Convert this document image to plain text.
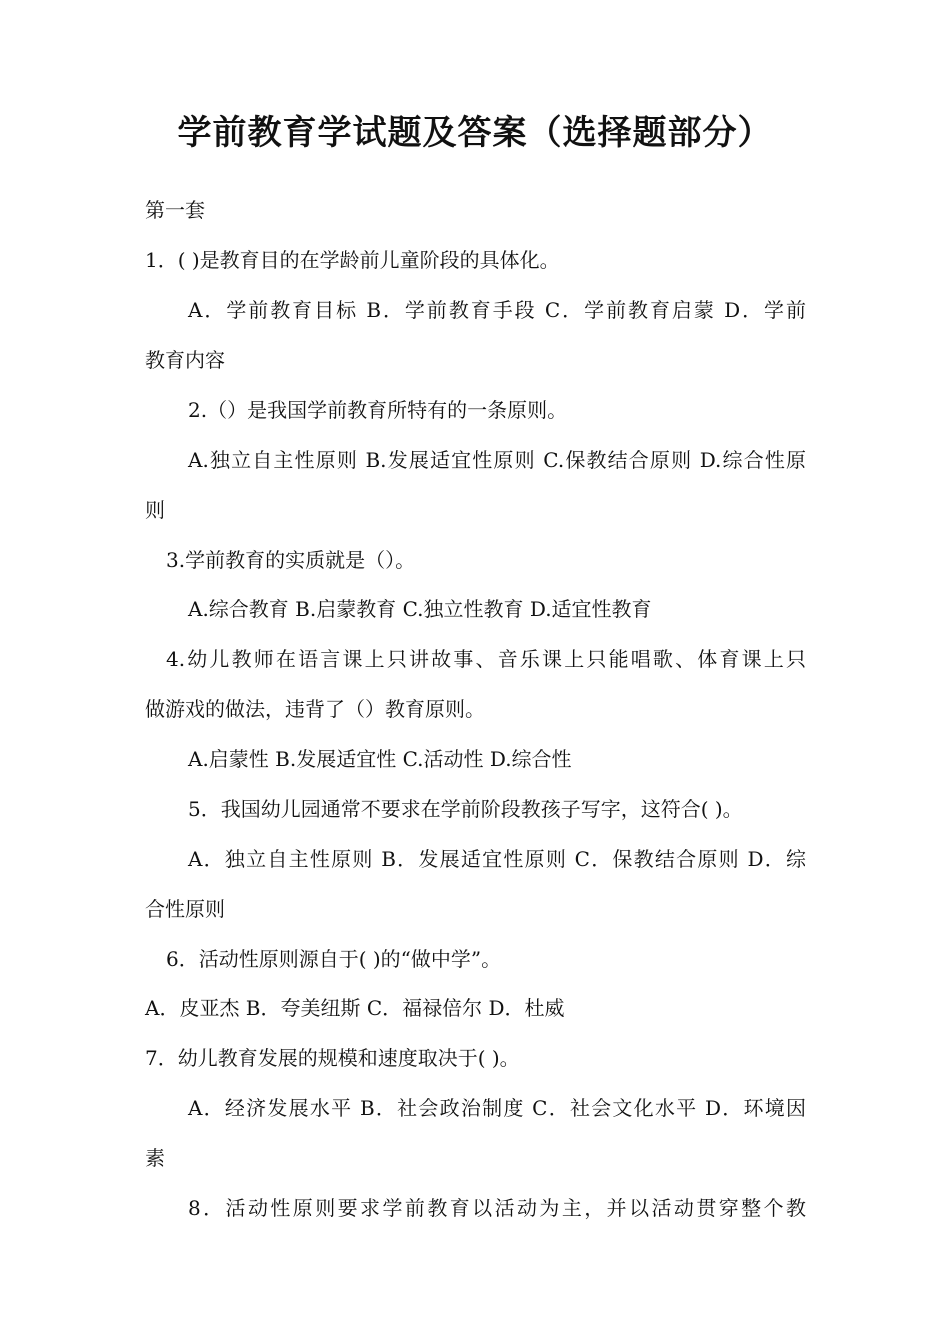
学前教育学试题及答案（选择题部分）
第一套
1．( )是教育目的在学龄前儿童阶段的具体化。
A．学前教育目标 B．学前教育手段 C．学前教育启蒙 D．学前
教育内容
2.（）是我国学前教育所特有的一条原则。
A.独立自主性原则 B.发展适宜性原则 C.保教结合原则 D.综合性原
则
3.学前教育的实质就是（）。
A.综合教育 B.启蒙教育 C.独立性教育 D.适宜性教育
4.幼儿教师在语言课上只讲故事、音乐课上只能唱歌、体育课上只
做游戏的做法，违背了（）教育原则。
A.启蒙性 B.发展适宜性 C.活动性 D.综合性
5．我国幼儿园通常不要求在学前阶段教孩子写字，这符合( )。
A．独立自主性原则 B．发展适宜性原则 C．保教结合原则 D．综
合性原则
6．活动性原则源自于( )的“做中学”。
A．皮亚杰 B．夸美纽斯 C．福禄倍尔 D．杜威
7．幼儿教育发展的规模和速度取决于( )。
A．经济发展水平 B．社会政治制度 C．社会文化水平 D．环境因
素
8．活动性原则要求学前教育以活动为主，并以活动贯穿整个教
